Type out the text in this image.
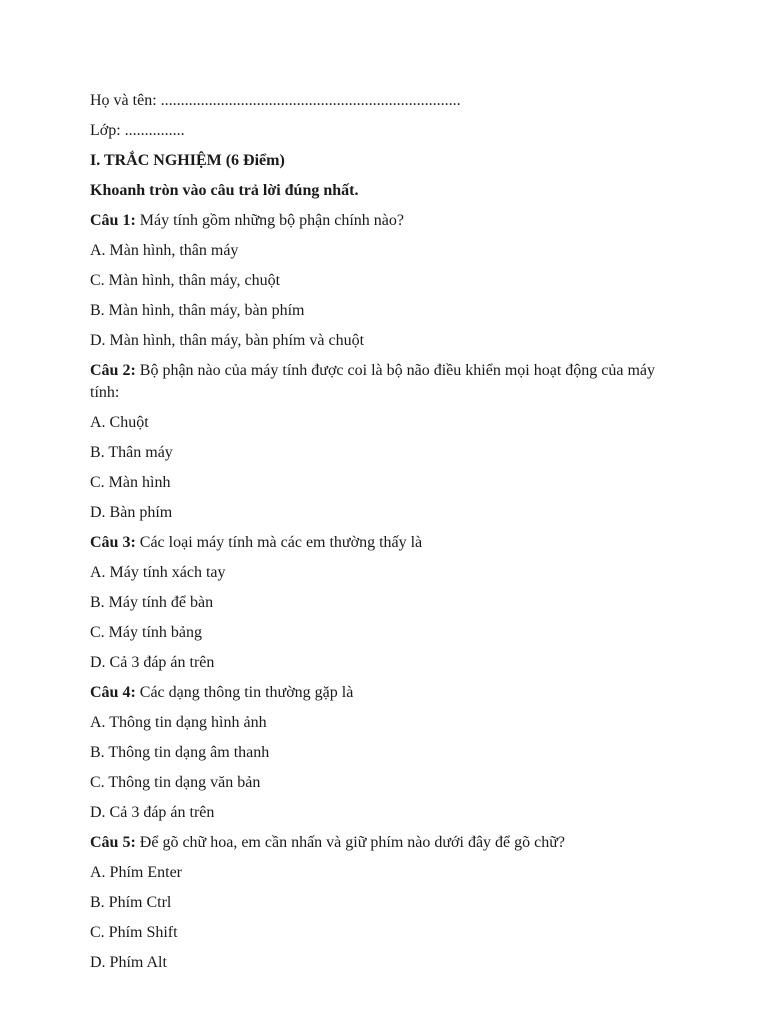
Họ và tên: ...........................................................................
Lớp: ...............
I. TRẮC NGHIỆM (6 Điểm)
Khoanh tròn vào câu trả lời đúng nhất.
Câu 1: Máy tính gồm những bộ phận chính nào?
A. Màn hình, thân máy
C. Màn hình, thân máy, chuột
B. Màn hình, thân máy, bàn phím
D. Màn hình, thân máy, bàn phím và chuột
Câu 2: Bộ phận nào của máy tính được coi là bộ não điều khiển mọi hoạt động của máy tính:
A. Chuột
B. Thân máy
C. Màn hình
D. Bàn phím
Câu 3: Các loại máy tính mà các em thường thấy là
A. Máy tính xách tay
B. Máy tính để bàn
C. Máy tính bảng
D. Cả 3 đáp án trên
Câu 4: Các dạng thông tin thường gặp là
A. Thông tin dạng hình ảnh
B. Thông tin dạng âm thanh
C. Thông tin dạng văn bản
D. Cả 3 đáp án trên
Câu 5: Để gõ chữ hoa, em cần nhấn và giữ phím nào dưới đây để gõ chữ?
A. Phím Enter
B. Phím Ctrl
C. Phím Shift
D. Phím Alt
